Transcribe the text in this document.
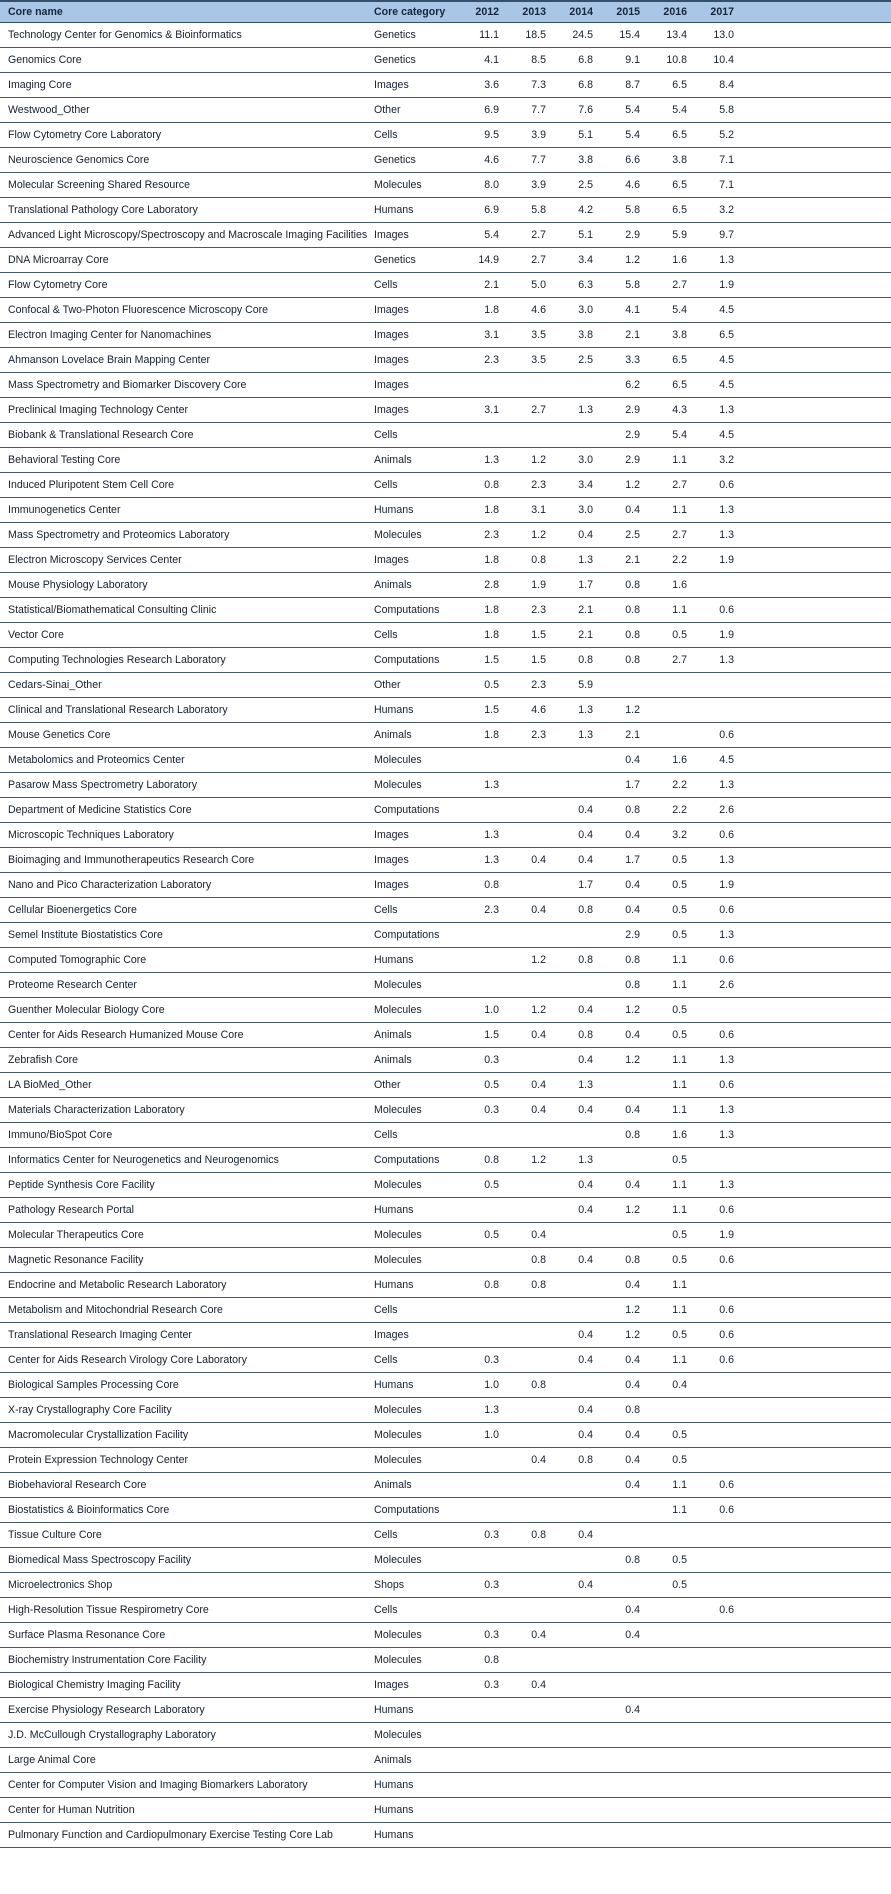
Core name	Core category	2012	2013	2014	2015	2016	2017	
Technology Center for Genomics & Bioinformatics	Genetics	11.1	18.5	24.5	15.4	13.4	13.0	
Genomics Core	Genetics	4.1	8.5	6.8	9.1	10.8	10.4	
Imaging Core	Images	3.6	7.3	6.8	8.7	6.5	8.4	
Westwood_Other	Other	6.9	7.7	7.6	5.4	5.4	5.8	
Flow Cytometry Core Laboratory	Cells	9.5	3.9	5.1	5.4	6.5	5.2	
Neuroscience Genomics Core	Genetics	4.6	7.7	3.8	6.6	3.8	7.1	
Molecular Screening Shared Resource	Molecules	8.0	3.9	2.5	4.6	6.5	7.1	
Translational Pathology Core Laboratory	Humans	6.9	5.8	4.2	5.8	6.5	3.2	
Advanced Light Microscopy/Spectroscopy and Macroscale Imaging Facilities	Images	5.4	2.7	5.1	2.9	5.9	9.7	
DNA Microarray Core	Genetics	14.9	2.7	3.4	1.2	1.6	1.3	
Flow Cytometry Core	Cells	2.1	5.0	6.3	5.8	2.7	1.9	
Confocal & Two-Photon Fluorescence Microscopy Core	Images	1.8	4.6	3.0	4.1	5.4	4.5	
Electron Imaging Center for Nanomachines	Images	3.1	3.5	3.8	2.1	3.8	6.5	
Ahmanson Lovelace Brain Mapping Center	Images	2.3	3.5	2.5	3.3	6.5	4.5	
Mass Spectrometry and Biomarker Discovery Core	Images				6.2	6.5	4.5	
Preclinical Imaging Technology Center	Images	3.1	2.7	1.3	2.9	4.3	1.3	
Biobank & Translational Research Core	Cells				2.9	5.4	4.5	
Behavioral Testing Core	Animals	1.3	1.2	3.0	2.9	1.1	3.2	
Induced Pluripotent Stem Cell Core	Cells	0.8	2.3	3.4	1.2	2.7	0.6	
Immunogenetics Center	Humans	1.8	3.1	3.0	0.4	1.1	1.3	
Mass Spectrometry and Proteomics Laboratory	Molecules	2.3	1.2	0.4	2.5	2.7	1.3	
Electron Microscopy Services Center	Images	1.8	0.8	1.3	2.1	2.2	1.9	
Mouse Physiology Laboratory	Animals	2.8	1.9	1.7	0.8	1.6		
Statistical/Biomathematical Consulting Clinic	Computations	1.8	2.3	2.1	0.8	1.1	0.6	
Vector Core	Cells	1.8	1.5	2.1	0.8	0.5	1.9	
Computing Technologies Research Laboratory	Computations	1.5	1.5	0.8	0.8	2.7	1.3	
Cedars-Sinai_Other	Other	0.5	2.3	5.9				
Clinical and Translational Research Laboratory	Humans	1.5	4.6	1.3	1.2			
Mouse Genetics Core	Animals	1.8	2.3	1.3	2.1		0.6	
Metabolomics and Proteomics Center	Molecules				0.4	1.6	4.5	
Pasarow Mass Spectrometry Laboratory	Molecules	1.3			1.7	2.2	1.3	
Department of Medicine Statistics Core	Computations			0.4	0.8	2.2	2.6	
Microscopic Techniques Laboratory	Images	1.3		0.4	0.4	3.2	0.6	
Bioimaging and Immunotherapeutics Research Core	Images	1.3	0.4	0.4	1.7	0.5	1.3	
Nano and Pico Characterization Laboratory	Images	0.8		1.7	0.4	0.5	1.9	
Cellular Bioenergetics Core	Cells	2.3	0.4	0.8	0.4	0.5	0.6	
Semel Institute Biostatistics Core	Computations				2.9	0.5	1.3	
Computed Tomographic Core	Humans		1.2	0.8	0.8	1.1	0.6	
Proteome Research Center	Molecules				0.8	1.1	2.6	
Guenther Molecular Biology Core	Molecules	1.0	1.2	0.4	1.2	0.5		
Center for Aids Research Humanized Mouse Core	Animals	1.5	0.4	0.8	0.4	0.5	0.6	
Zebrafish Core	Animals	0.3		0.4	1.2	1.1	1.3	
LA BioMed_Other	Other	0.5	0.4	1.3		1.1	0.6	
Materials Characterization Laboratory	Molecules	0.3	0.4	0.4	0.4	1.1	1.3	
Immuno/BioSpot Core	Cells				0.8	1.6	1.3	
Informatics Center for Neurogenetics and Neurogenomics	Computations	0.8	1.2	1.3		0.5		
Peptide Synthesis Core Facility	Molecules	0.5		0.4	0.4	1.1	1.3	
Pathology Research Portal	Humans			0.4	1.2	1.1	0.6	
Molecular Therapeutics Core	Molecules	0.5	0.4			0.5	1.9	
Magnetic Resonance Facility	Molecules		0.8	0.4	0.8	0.5	0.6	
Endocrine and Metabolic Research Laboratory	Humans	0.8	0.8		0.4	1.1		
Metabolism and Mitochondrial Research Core	Cells				1.2	1.1	0.6	
Translational Research Imaging Center	Images			0.4	1.2	0.5	0.6	
Center for Aids Research Virology Core Laboratory	Cells	0.3		0.4	0.4	1.1	0.6	
Biological Samples Processing Core	Humans	1.0	0.8		0.4	0.4		
X-ray Crystallography Core Facility	Molecules	1.3		0.4	0.8			
Macromolecular Crystallization Facility	Molecules	1.0		0.4	0.4	0.5		
Protein Expression Technology Center	Molecules		0.4	0.8	0.4	0.5		
Biobehavioral Research Core	Animals				0.4	1.1	0.6	
Biostatistics & Bioinformatics Core	Computations					1.1	0.6	
Tissue Culture Core	Cells	0.3	0.8	0.4				
Biomedical Mass Spectroscopy Facility	Molecules				0.8	0.5		
Microelectronics Shop	Shops	0.3		0.4		0.5		
High-Resolution Tissue Respirometry Core	Cells				0.4		0.6	
Surface Plasma Resonance Core	Molecules	0.3	0.4		0.4			
Biochemistry Instrumentation Core Facility	Molecules	0.8						
Biological Chemistry Imaging Facility	Images	0.3	0.4					
Exercise Physiology Research Laboratory	Humans				0.4			
J.D. McCullough Crystallography Laboratory	Molecules							
Large Animal Core	Animals							
Center for Computer Vision and Imaging Biomarkers Laboratory	Humans							
Center for Human Nutrition	Humans							
Pulmonary Function and Cardiopulmonary Exercise Testing Core Lab	Humans							
